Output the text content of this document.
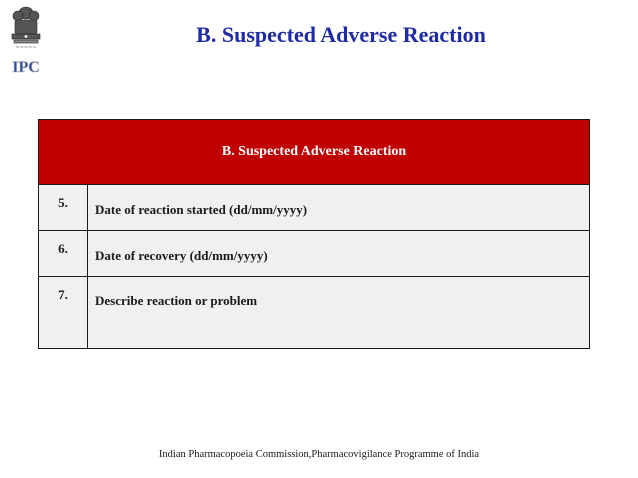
~~~~~
IPC
B. Suspected Adverse Reaction
B. Suspected Adverse Reaction
5.	Date of reaction started (dd/mm/yyyy)
6.	Date of recovery (dd/mm/yyyy)
7.	Describe reaction or problem
Indian Pharmacopoeia Commission,Pharmacovigilance Programme of India
